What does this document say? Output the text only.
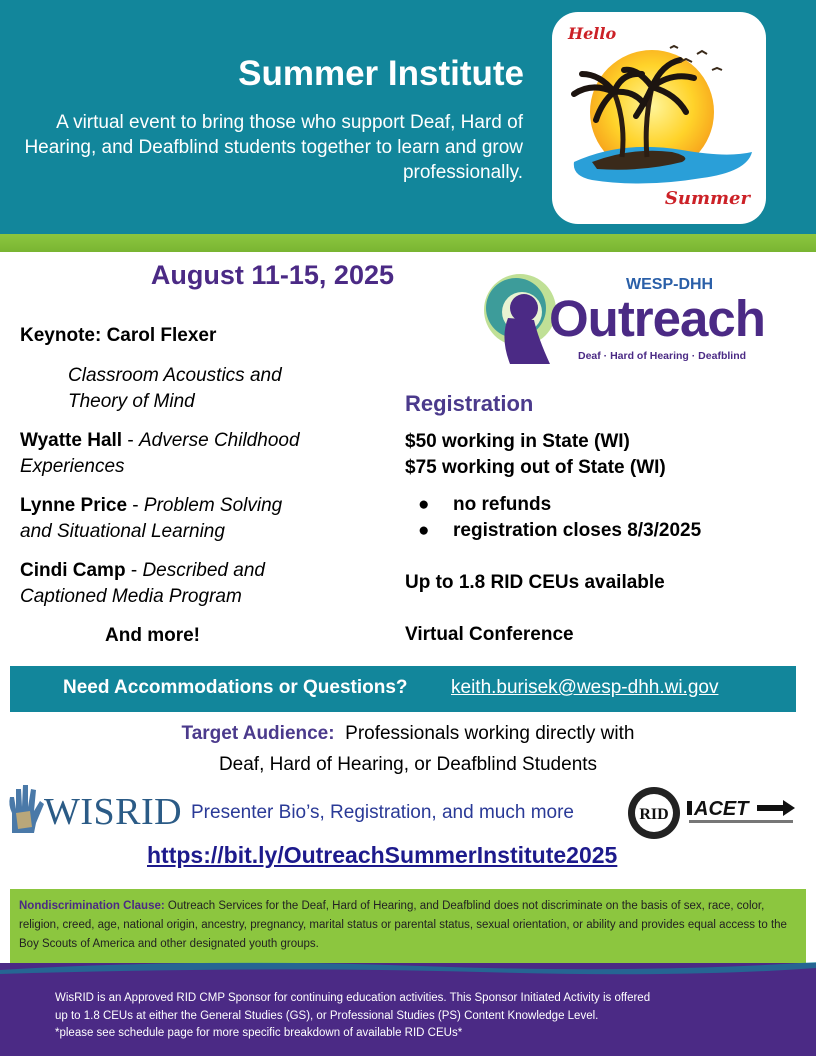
Summer Institute

A virtual event to bring those who support Deaf, Hard of Hearing, and Deafblind students together to learn and grow professionally.

Hello
Summer
August 11-15, 2025	WESP-DHH
Outreach
Deaf · Hard of Hearing · Deafblind

Keynote: Carol Flexer

Classroom Acoustics and Theory of Mind

Wyatte Hall - Adverse Childhood Experiences

Lynne Price - Problem Solving and Situational Learning

Cindi Camp - Described and Captioned Media Program

And more!

Registration
$50 working in State (WI)
$75 working out of State (WI)
● no refunds
● registration closes 8/3/2025
Up to 1.8 RID CEUs available
Virtual Conference
Need Accommodations or Questions? keith.burisek@wesp-dhh.wi.gov
Target Audience: Professionals working directly with
Deaf, Hard of Hearing, or Deafblind Students
WISRID Presenter Bio’s, Registration, and much more	RID ACET
https://bit.ly/OutreachSummerInstitute2025
Nondiscrimination Clause: Outreach Services for the Deaf, Hard of Hearing, and Deafblind does not discriminate on the basis of sex, race, color, religion, creed, age, national origin, ancestry, pregnancy, marital status or parental status, sexual orientation, or ability and provides equal access to the Boy Scouts of America and other designated youth groups.
WisRID is an Approved RID CMP Sponsor for continuing education activities. This Sponsor Initiated Activity is offered
up to 1.8 CEUs at either the General Studies (GS), or Professional Studies (PS) Content Knowledge Level.
*please see schedule page for more specific breakdown of available RID CEUs*
